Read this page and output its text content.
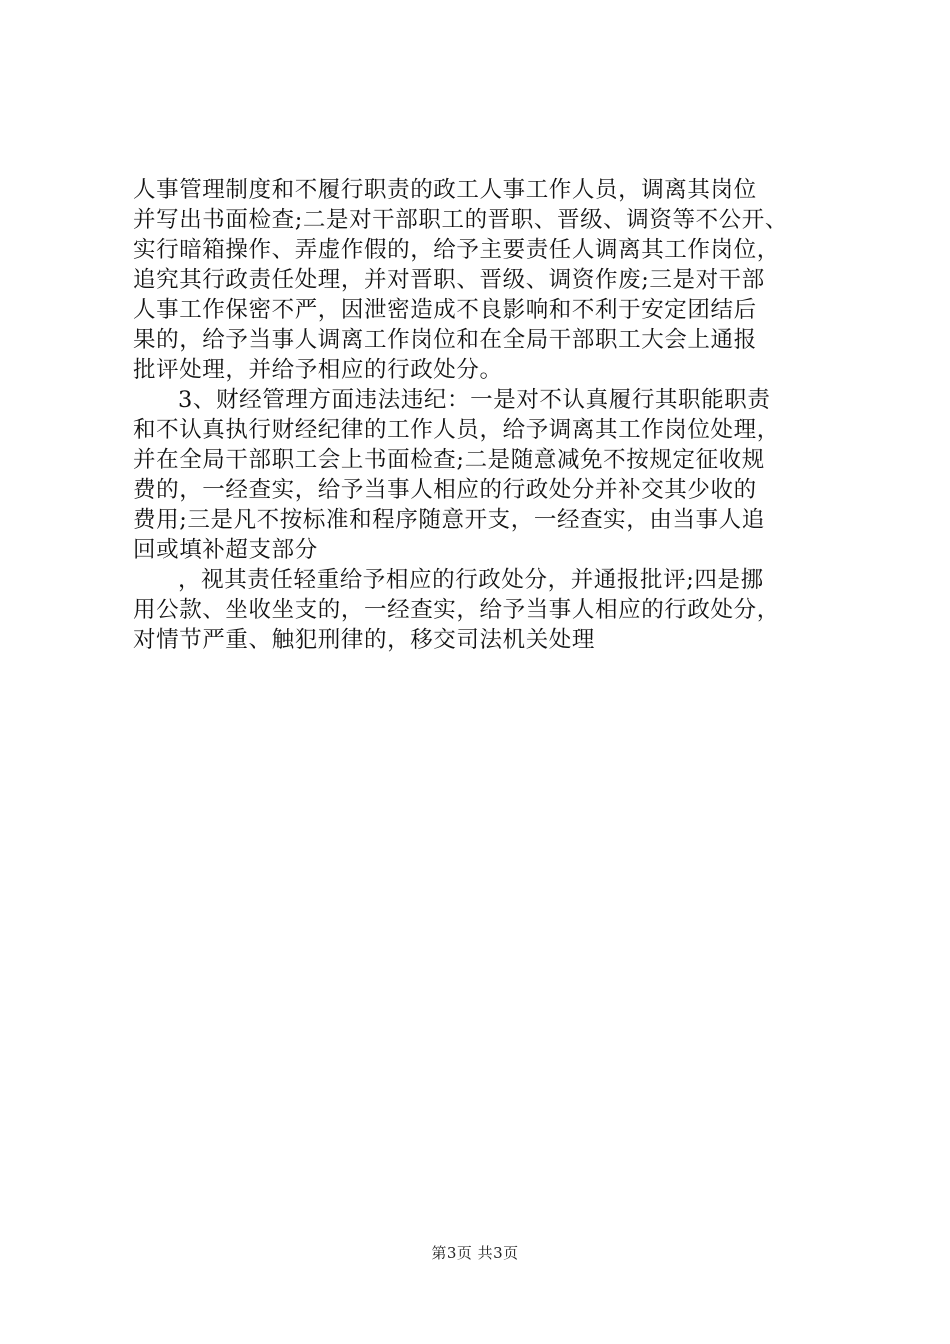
人事管理制度和不履行职责的政工人事工作人员，调离其岗位
并写出书面检查;二是对干部职工的晋职、晋级、调资等不公开、
实行暗箱操作、弄虚作假的，给予主要责任人调离其工作岗位，
追究其行政责任处理，并对晋职、晋级、调资作废;三是对干部
人事工作保密不严，因泄密造成不良影响和不利于安定团结后
果的，给予当事人调离工作岗位和在全局干部职工大会上通报
批评处理，并给予相应的行政处分。
3、财经管理方面违法违纪：一是对不认真履行其职能职责
和不认真执行财经纪律的工作人员，给予调离其工作岗位处理，
并在全局干部职工会上书面检查;二是随意减免不按规定征收规
费的，一经查实，给予当事人相应的行政处分并补交其少收的
费用;三是凡不按标准和程序随意开支，一经查实，由当事人追
回或填补超支部分
，视其责任轻重给予相应的行政处分，并通报批评;四是挪
用公款、坐收坐支的，一经查实，给予当事人相应的行政处分，
对情节严重、触犯刑律的，移交司法机关处理
第3页 共3页
